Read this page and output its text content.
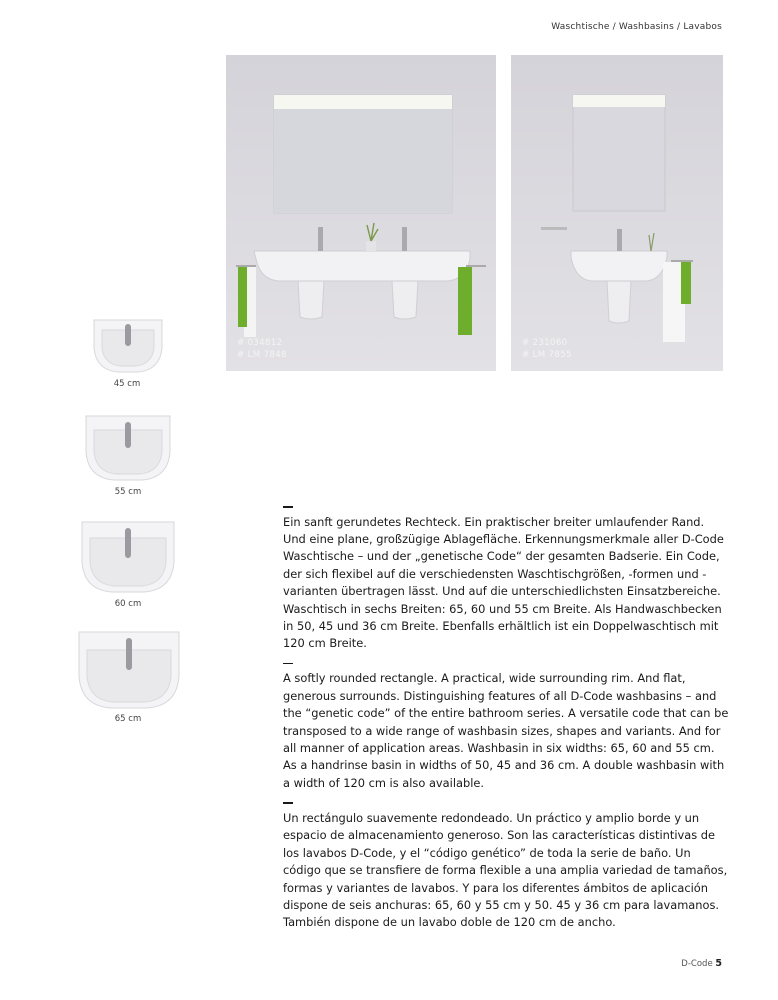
Waschtische / Washbasins / Lavabos
# 034812
# LM 7848
# 231060
# LM 7855
45 cm
55 cm
60 cm
65 cm

Ein sanft gerundetes Rechteck. Ein praktischer breiter umlaufender Rand. Und eine plane, großzügige Ablagefläche. Erkennungsmerkmale aller D-Code Waschtische – und der „genetische Code“ der gesamten Badserie. Ein Code, der sich flexibel auf die verschiedensten Waschtischgrößen, -formen und -varianten übertragen lässt. Und auf die unterschiedlichsten Einsatzbereiche. Waschtisch in sechs Breiten: 65, 60 und 55 cm Breite. Als Handwaschbecken in 50, 45 und 36 cm Breite. Ebenfalls erhältlich ist ein Doppelwaschtisch mit 120 cm Breite.

A softly rounded rectangle. A practical, wide surrounding rim. And flat, generous surrounds. Distinguishing features of all D-Code washbasins – and the “genetic code” of the entire bathroom series. A versatile code that can be transposed to a wide range of washbasin sizes, shapes and variants. And for all manner of application areas. Washbasin in six widths: 65, 60 and 55 cm. As a handrinse basin in widths of 50, 45 and 36 cm. A double washbasin with a width of 120 cm is also available.

Un rectángulo suavemente redondeado. Un práctico y amplio borde y un espacio de almacenamiento generoso. Son las características distintivas de los lavabos D-Code, y el “código genético” de toda la serie de baño. Un código que se transfiere de forma flexible a una amplia variedad de tamaños, formas y variantes de lavabos. Y para los diferentes ámbitos de aplicación dispone de seis anchuras: 65, 60 y 55 cm y 50. 45 y 36 cm para lavamanos. También dispone de un lavabo doble de 120 cm de ancho.

D-Code 5
